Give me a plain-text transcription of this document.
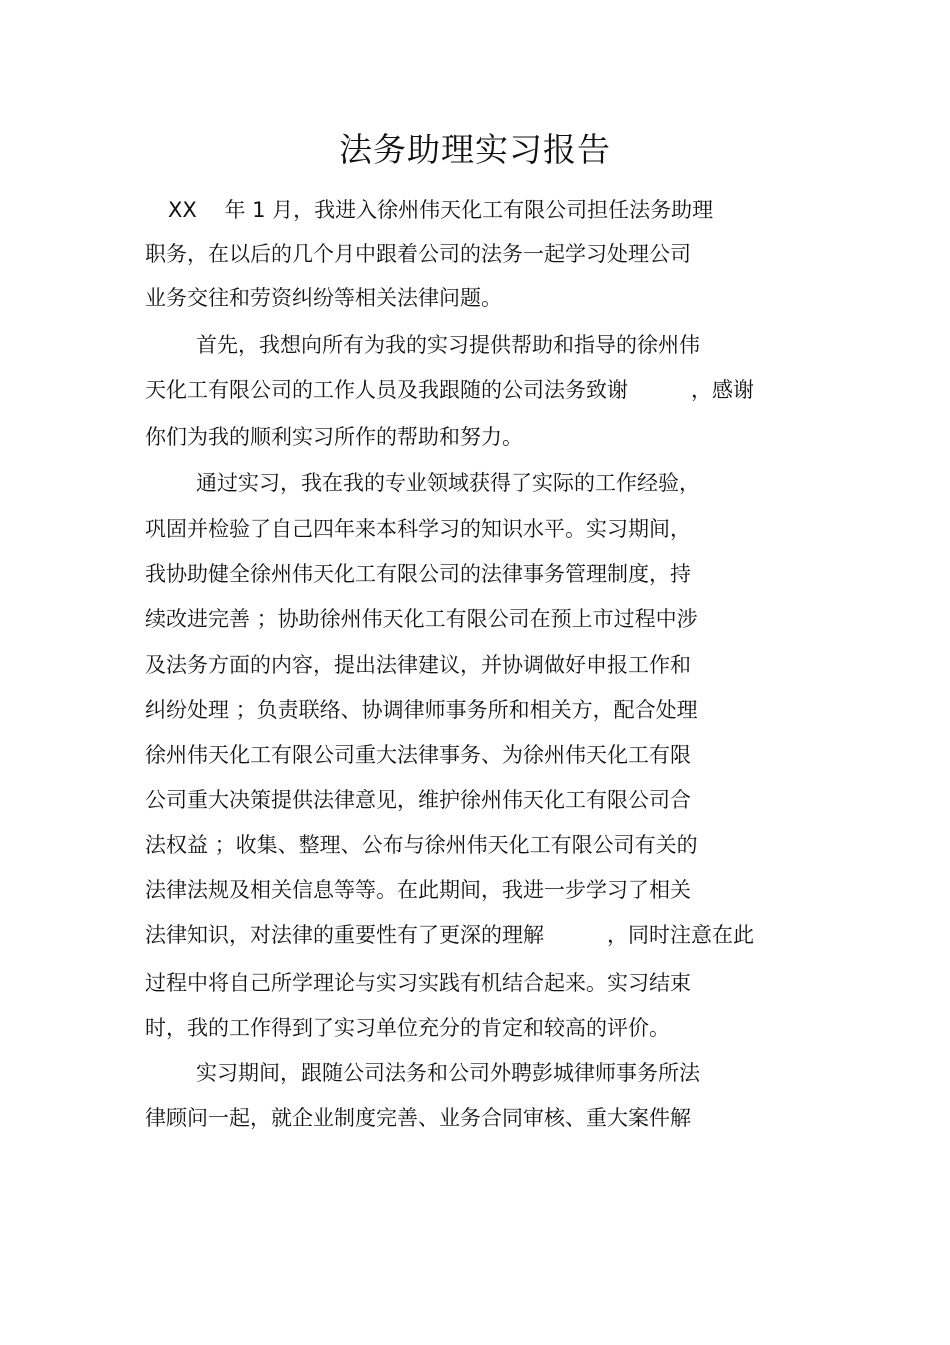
法务助理实习报告
XX　 年 1 月，我进入徐州伟天化工有限公司担任法务助理
职务，在以后的几个月中跟着公司的法务一起学习处理公司
业务交往和劳资纠纷等相关法律问题。
首先，我想向所有为我的实习提供帮助和指导的徐州伟
天化工有限公司的工作人员及我跟随的公司法务致谢　　　，感谢
你们为我的顺利实习所作的帮助和努力。
通过实习，我在我的专业领域获得了实际的工作经验，
巩固并检验了自己四年来本科学习的知识水平。实习期间，
我协助健全徐州伟天化工有限公司的法律事务管理制度，持
续改进完善 ；协助徐州伟天化工有限公司在预上市过程中涉
及法务方面的内容，提出法律建议，并协调做好申报工作和
纠纷处理 ；负责联络、协调律师事务所和相关方，配合处理
徐州伟天化工有限公司重大法律事务、为徐州伟天化工有限
公司重大决策提供法律意见，维护徐州伟天化工有限公司合
法权益 ；收集、整理、公布与徐州伟天化工有限公司有关的
法律法规及相关信息等等。在此期间，我进一步学习了相关
法律知识，对法律的重要性有了更深的理解　　　，同时注意在此
过程中将自己所学理论与实习实践有机结合起来。实习结束
时，我的工作得到了实习单位充分的肯定和较高的评价。
实习期间，跟随公司法务和公司外聘彭城律师事务所法
律顾问一起，就企业制度完善、业务合同审核、重大案件解
